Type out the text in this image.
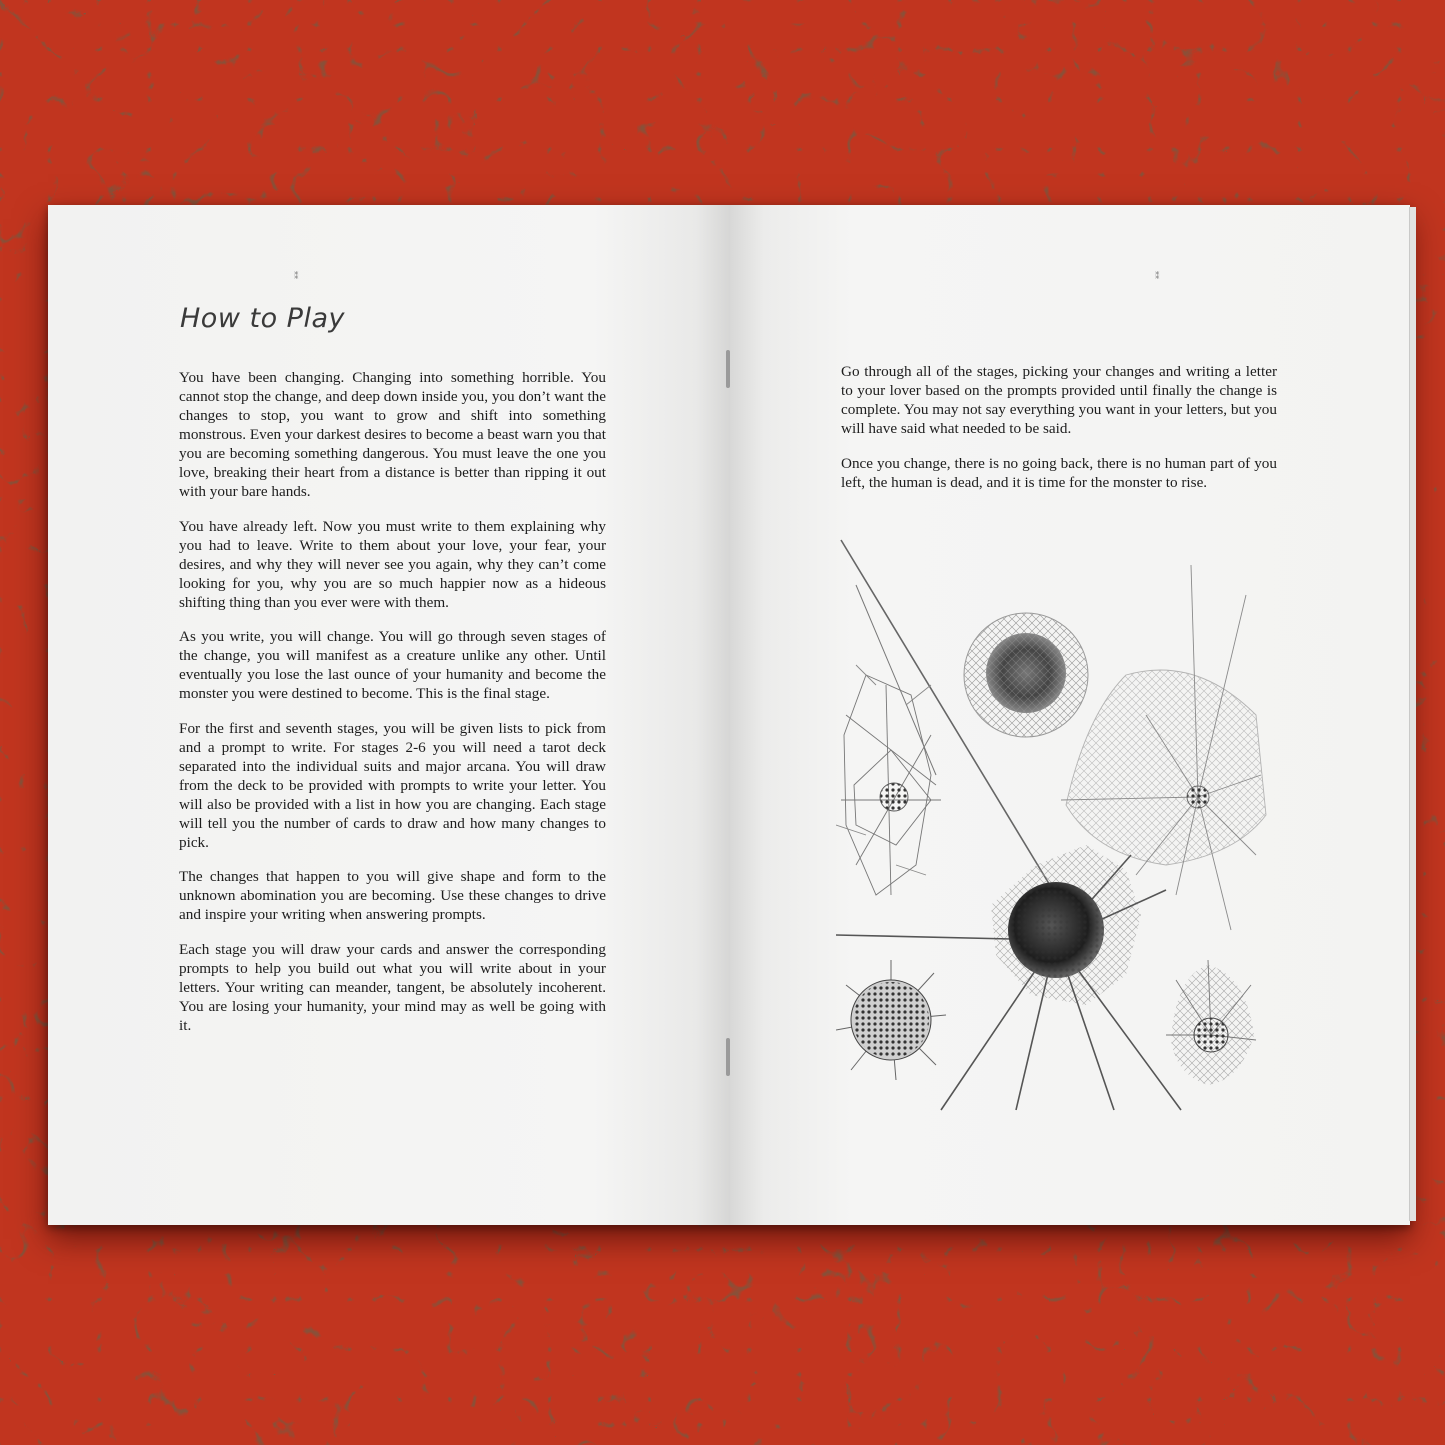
⁑
How to Play

You have been changing. Changing into something horrible. You cannot stop the change, and deep down inside you, you don’t want the changes to stop, you want to grow and shift into something monstrous. Even your darkest desires to become a beast warn you that you are becoming something dangerous. You must leave the one you love, breaking their heart from a distance is better than ripping it out with your bare hands.

You have already left. Now you must write to them explaining why you had to leave. Write to them about your love, your fear, your desires, and why they will never see you again, why they can’t come looking for you, why you are so much happier now as a hideous shifting thing than you ever were with them.

As you write, you will change. You will go through seven stages of the change, you will manifest as a creature unlike any other. Until eventually you lose the last ounce of your humanity and become the monster you were destined to become. This is the final stage.

For the first and seventh stages, you will be given lists to pick from and a prompt to write. For stages 2-6 you will need a tarot deck separated into the individual suits and major arcana. You will draw from the deck to be provided with prompts to write your letter. You will also be provided with a list in how you are changing. Each stage will tell you the number of cards to draw and how many changes to pick.

The changes that happen to you will give shape and form to the unknown abomination you are becoming. Use these changes to drive and inspire your writing when answering prompts.

Each stage you will draw your cards and answer the corresponding prompts to help you build out what you will write about in your letters. Your writing can meander, tangent, be absolutely incoherent. You are losing your humanity, your mind may as well be going with it.

⁑

Go through all of the stages, picking your changes and writing a letter to your lover based on the prompts provided until finally the change is complete. You may not say everything you want in your letters, but you will have said what needed to be said.

Once you change, there is no going back, there is no human part of you left, the human is dead, and it is time for the monster to rise.
